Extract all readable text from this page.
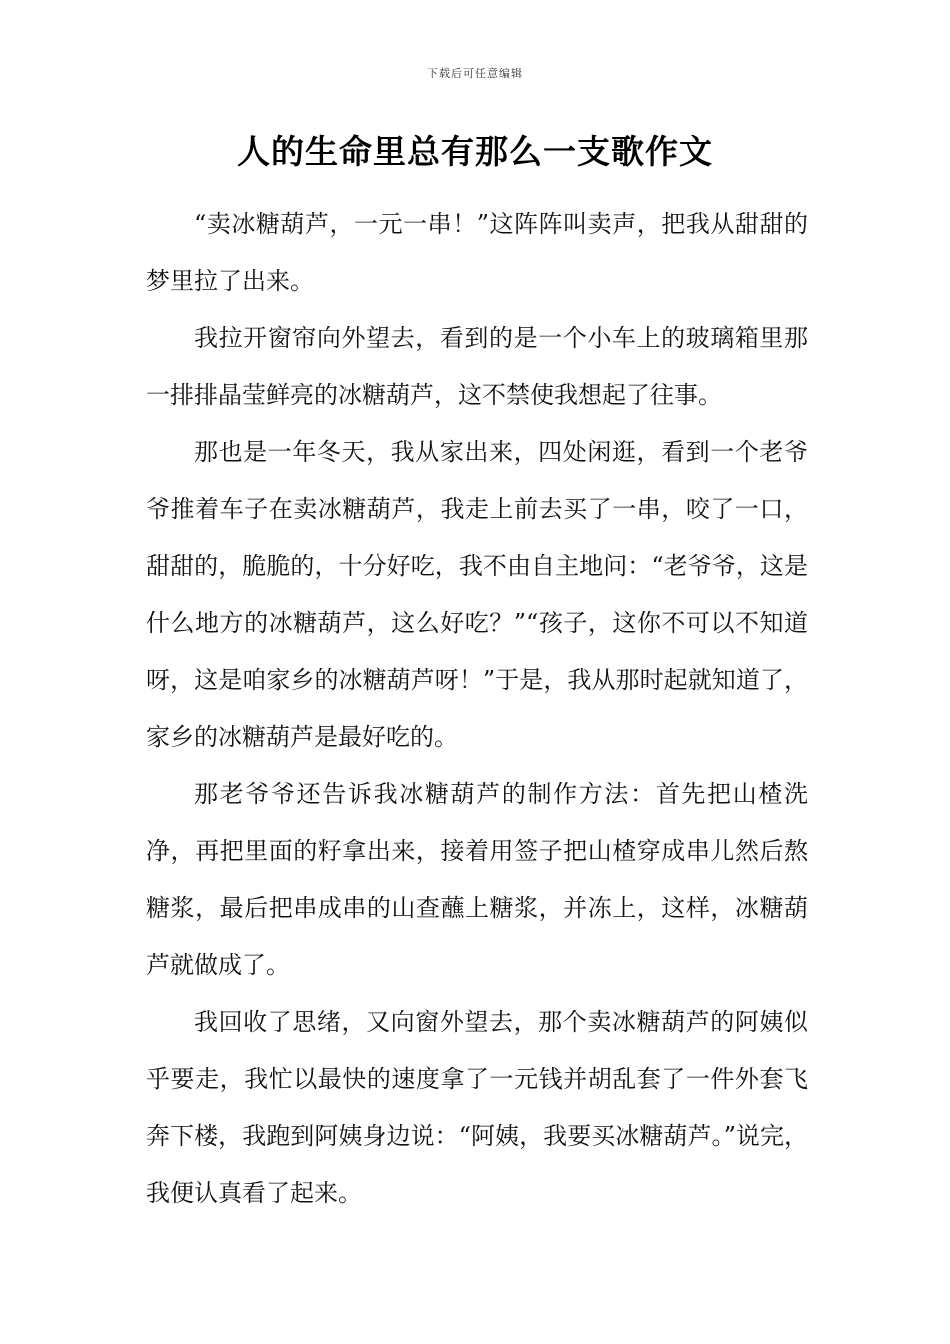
下载后可任意编辑
人的生命里总有那么一支歌作文

“卖冰糖葫芦，一元一串！”这阵阵叫卖声，把我从甜甜的梦里拉了出来。

我拉开窗帘向外望去，看到的是一个小车上的玻璃箱里那一排排晶莹鲜亮的冰糖葫芦，这不禁使我想起了往事。

那也是一年冬天，我从家出来，四处闲逛，看到一个老爷爷推着车子在卖冰糖葫芦，我走上前去买了一串，咬了一口，甜甜的，脆脆的，十分好吃，我不由自主地问：“老爷爷，这是什么地方的冰糖葫芦，这么好吃？”“孩子，这你不可以不知道呀，这是咱家乡的冰糖葫芦呀！”于是，我从那时起就知道了，家乡的冰糖葫芦是最好吃的。

那老爷爷还告诉我冰糖葫芦的制作方法：首先把山楂洗净，再把里面的籽拿出来，接着用签子把山楂穿成串儿然后熬糖浆，最后把串成串的山查蘸上糖浆，并冻上，这样，冰糖葫芦就做成了。

我回收了思绪，又向窗外望去，那个卖冰糖葫芦的阿姨似乎要走，我忙以最快的速度拿了一元钱并胡乱套了一件外套飞奔下楼，我跑到阿姨身边说：“阿姨，我要买冰糖葫芦。”说完，我便认真看了起来。
